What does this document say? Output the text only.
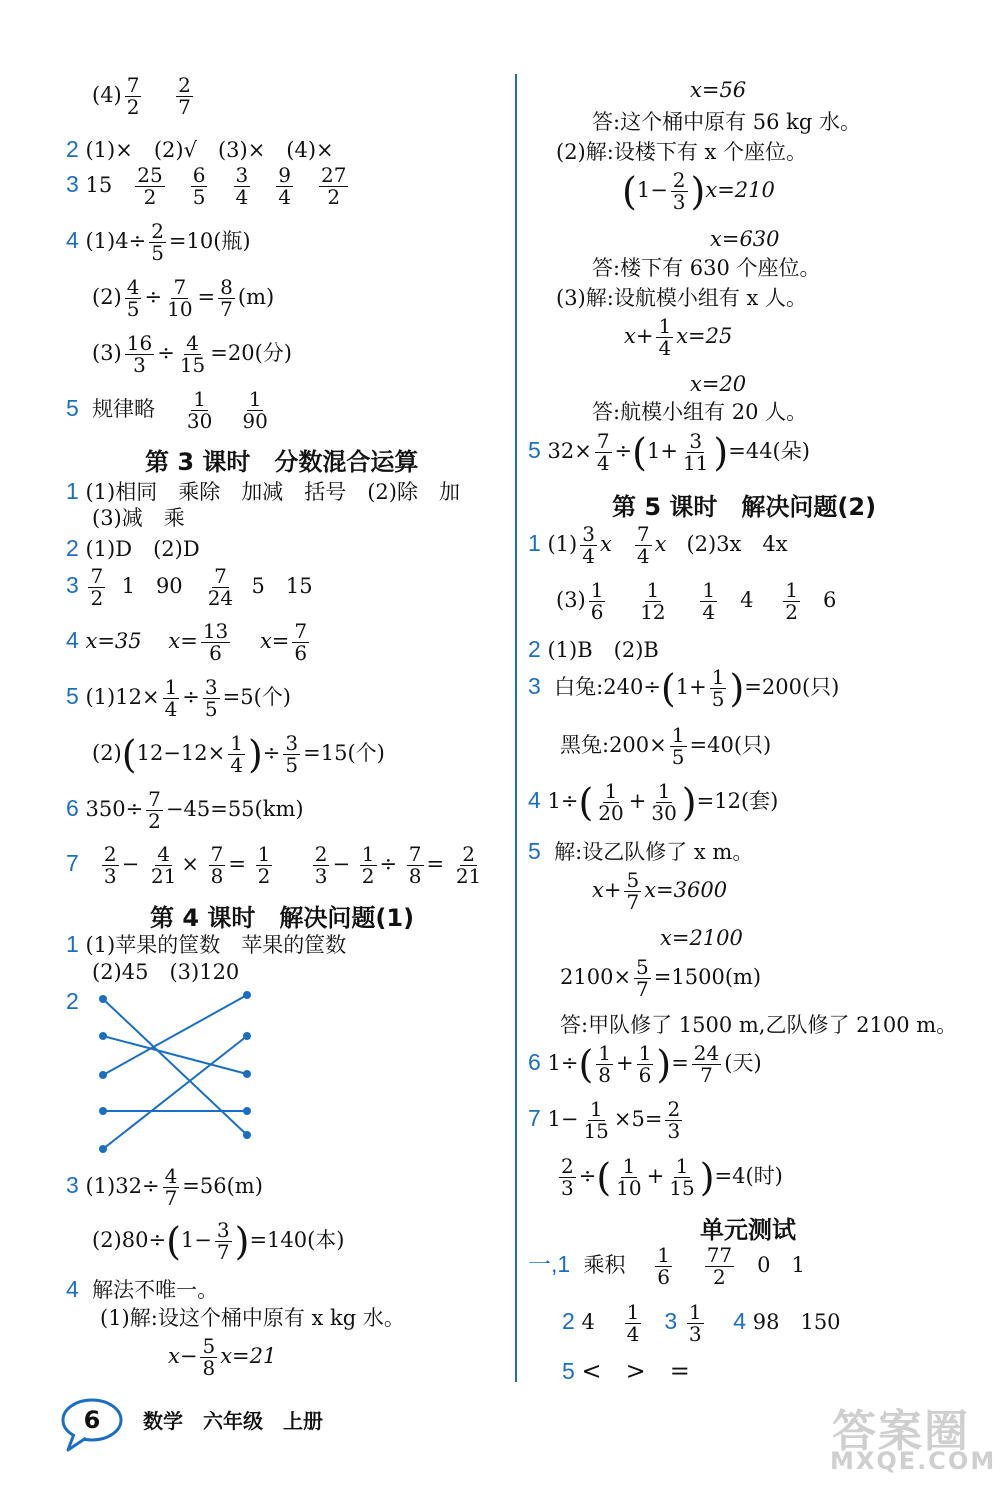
$(4) \frac{7}{2}$
$\frac{2}{7}$
2 (1)×　(2)√　(3)×　(4)×
3 $15 \frac{25}{2}$
$\frac{6}{5}$
$\frac{3}{4}$
$\frac{9}{4}$
$\frac{27}{2}$
4 $(1)4\div \frac{2}{5} =10$(瓶)
$(2) \frac{4}{5} \div \frac{7}{10} = \frac{8}{7} (m)$
$(3) \frac{16}{3} \div \frac{4}{15} =20$(分)
5 规律略 $\frac{1}{30}$
$\frac{1}{90}$
第 3 课时　分数混合运算
1 (1)相同　乘除　加减　括号　(2)除　加
(3)减　乘
2 (1)D　(2)D
$3 \frac{7}{2} 1$　$90 \frac{7}{24} 5$　15
4 x=35 $x= \frac{13}{6} x= \frac{7}{6}$
5 $(1)12\times \frac{1}{4} \div \frac{3}{5} =5$(个)
$(2)(12-12\times \frac{1}{4}$ )÷ $\frac{3}{5} =15$(个)
6 $350\div \frac{7}{2} -45=55(km)$
$7 \frac{2}{3} - \frac{4}{21} \times \frac{7}{8} = \frac{1}{2}$
　 $\frac{2}{3} - \frac{1}{2} \div \frac{7}{8} = \frac{2}{21}$
第 4 课时　解决问题(1)
1 (1)苹果的筐数　苹果的筐数
(2)45　(3)120
2
3 $(1)32\div \frac{4}{7} =56(m)$
$(2)80\div(1- \frac{3}{7} )=140$(本)
4 解法不唯一。
(1)解:设这个桶中原有 x kg 水。
$x- \frac{5}{8} x=21$
x=56
答:这个桶中原有 56 kg 水。
(2)解:设楼下有 x 个座位。
$(1- \frac{2}{3} )x=210$
x=630
答:楼下有 630 个座位。
(3)解:设航模小组有 x 人。
$x+ \frac{1}{4} x=25$
x=20
答:航模小组有 20 人。
5 $32\times \frac{7}{4} \div(1+ \frac{3}{11} )=44$(朵)
第 5 课时　解决问题(2)
1 $(1) \frac{3}{4}$ x $\frac{7}{4}$ x (2)3x　4x
$(3) \frac{1}{6}$
$\frac{1}{12}$
$\frac{1}{4} 4 \frac{1}{2} 6$
2 (1)B　(2)B
3 白兔:240÷(1+ $\frac{1}{5} )=200$(只)
黑兔:200× $\frac{1}{5} =40$(只)
4 $1\div( \frac{1}{20} + \frac{1}{30} )=12$(套)
5 解:设乙队修了 x m。
$x+ \frac{5}{7} x=3600$
x=2100
$2100\times \frac{5}{7} =1500(m)$
答:甲队修了 1500 m,乙队修了 2100 m。
6 $1\div( \frac{1}{8} + \frac{1}{6}$ )= $\frac{24}{7}$ (天)
7 $1- \frac{1}{15} \times 5= \frac{2}{3}$
$\frac{2}{3}$ ÷( $\frac{1}{10} + \frac{1}{15} )=4$(时)
单元测试
一,1 乘积 $\frac{1}{6}$
$\frac{77}{2} 0$　1
2 $4 \frac{1}{4} 3 \frac{1}{3} 4$ 98　150
5 <　>　=
6	数学　六年级　上册	答案圈
MXQE.COM
